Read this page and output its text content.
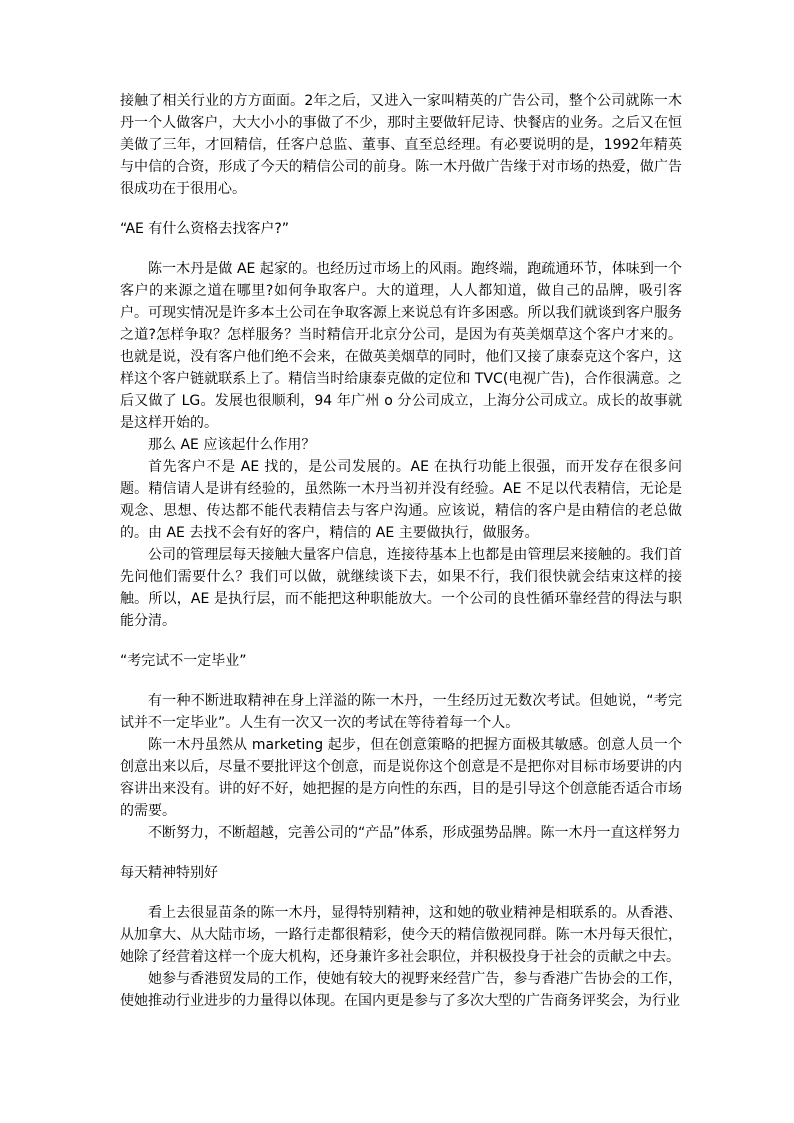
接触了相关行业的方方面面。2年之后，又进入一家叫精英的广告公司，整个公司就陈一木丹一个人做客户，大大小小的事做了不少，那时主要做轩尼诗、快餐店的业务。之后又在恒美做了三年，才回精信，任客户总监、董事、直至总经理。有必要说明的是，1992年精英与中信的合资，形成了今天的精信公司的前身。陈一木丹做广告缘于对市场的热爱，做广告很成功在于很用心。

“AE 有什么资格去找客户?”

陈一木丹是做 AE 起家的。也经历过市场上的风雨。跑终端，跑疏通环节，体味到一个客户的来源之道在哪里?如何争取客户。大的道理，人人都知道，做自己的品牌，吸引客户。可现实情况是许多本土公司在争取客源上来说总有许多困惑。所以我们就谈到客户服务之道?怎样争取？怎样服务？当时精信开北京分公司，是因为有英美烟草这个客户才来的。也就是说，没有客户他们绝不会来，在做英美烟草的同时，他们又接了康泰克这个客户，这样这个客户链就联系上了。精信当时给康泰克做的定位和 TVC(电视广告)，合作很满意。之后又做了 LG。发展也很顺利，94 年广州 o 分公司成立，上海分公司成立。成长的故事就是这样开始的。

那么 AE 应该起什么作用？

首先客户不是 AE 找的，是公司发展的。AE 在执行功能上很强，而开发存在很多问题。精信请人是讲有经验的，虽然陈一木丹当初并没有经验。AE 不足以代表精信，无论是观念、思想、传达都不能代表精信去与客户沟通。应该说，精信的客户是由精信的老总做的。由 AE 去找不会有好的客户，精信的 AE 主要做执行，做服务。

公司的管理层每天接触大量客户信息，连接待基本上也都是由管理层来接触的。我们首先问他们需要什么？我们可以做，就继续谈下去，如果不行，我们很快就会结束这样的接触。所以，AE 是执行层，而不能把这种职能放大。一个公司的良性循环靠经营的得法与职能分清。

“考完试不一定毕业”

有一种不断进取精神在身上洋溢的陈一木丹，一生经历过无数次考试。但她说，“考完试并不一定毕业”。人生有一次又一次的考试在等待着每一个人。

陈一木丹虽然从 marketing 起步，但在创意策略的把握方面极其敏感。创意人员一个创意出来以后，尽量不要批评这个创意，而是说你这个创意是不是把你对目标市场要讲的内容讲出来没有。讲的好不好，她把握的是方向性的东西，目的是引导这个创意能否适合市场的需要。

不断努力，不断超越，完善公司的“产品”体系，形成强势品牌。陈一木丹一直这样努力

每天精神特别好

看上去很显苗条的陈一木丹，显得特别精神，这和她的敬业精神是相联系的。从香港、从加拿大、从大陆市场，一路行走都很精彩，使今天的精信傲视同群。陈一木丹每天很忙，她除了经营着这样一个庞大机构，还身兼许多社会职位，并积极投身于社会的贡献之中去。

她参与香港贸发局的工作，使她有较大的视野来经营广告，参与香港广告协会的工作，使她推动行业进步的力量得以体现。在国内更是参与了多次大型的广告商务评奖会，为行业
